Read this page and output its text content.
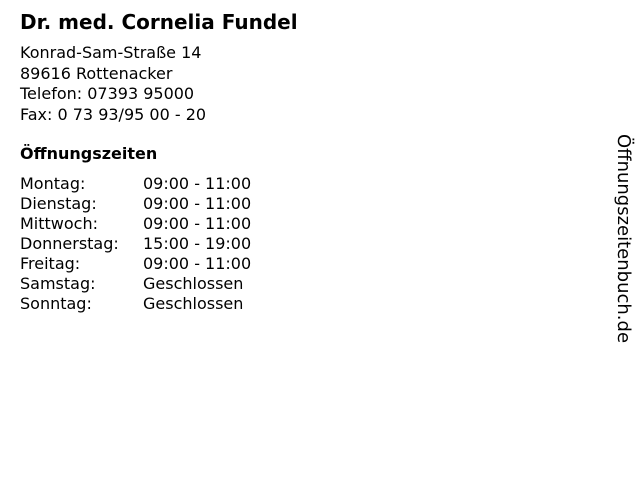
Dr. med. Cornelia Fundel
Konrad-Sam-Straße 14
89616 Rottenacker
Telefon: 07393 95000
Fax: 0 73 93/95 00 - 20
Öffnungszeiten
Montag:	09:00 - 11:00
Dienstag:	09:00 - 11:00
Mittwoch:	09:00 - 11:00
Donnerstag:	15:00 - 19:00
Freitag:	09:00 - 11:00
Samstag:	Geschlossen
Sonntag:	Geschlossen	Öffnungszeitenbuch.de
